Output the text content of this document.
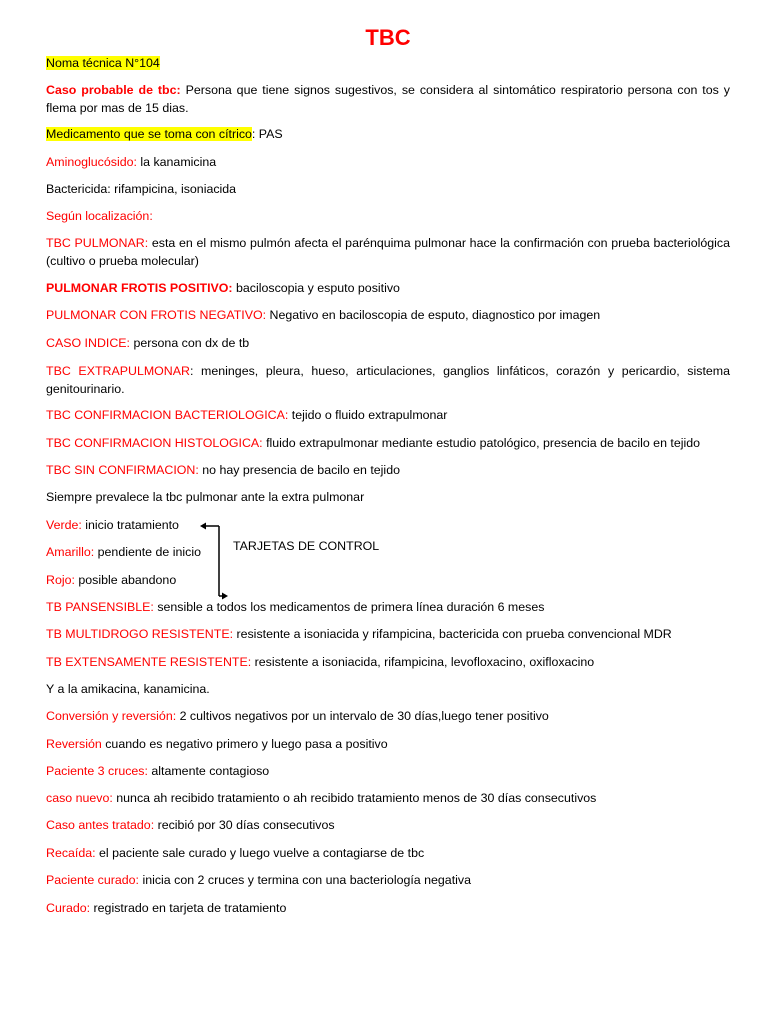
TBC

Noma técnica N°104

Caso probable de tbc: Persona que tiene signos sugestivos, se considera al sintomático respiratorio persona con tos y flema por mas de 15 dias.

Medicamento que se toma con cítrico: PAS

Aminoglucósido: la kanamicina

Bactericida: rifampicina, isoniacida

Según localización:

TBC PULMONAR: esta en el mismo pulmón afecta el parénquima pulmonar hace la confirmación con prueba bacteriológica (cultivo o prueba molecular)

PULMONAR FROTIS POSITIVO: baciloscopia y esputo positivo

PULMONAR CON FROTIS NEGATIVO: Negativo en baciloscopia de esputo, diagnostico por imagen

CASO INDICE: persona con dx de tb

TBC EXTRAPULMONAR: meninges, pleura, hueso, articulaciones, ganglios linfáticos, corazón y pericardio, sistema genitourinario.

TBC CONFIRMACION BACTERIOLOGICA: tejido o fluido extrapulmonar

TBC CONFIRMACION HISTOLOGICA: fluido extrapulmonar mediante estudio patológico, presencia de bacilo en tejido

TBC SIN CONFIRMACION: no hay presencia de bacilo en tejido

Siempre prevalece la tbc pulmonar ante la extra pulmonar

Verde: inicio tratamiento

Amarillo: pendiente de inicio

Rojo: posible abandono

TARJETAS DE CONTROL

TB PANSENSIBLE: sensible a todos los medicamentos de primera línea duración 6 meses

TB MULTIDROGO RESISTENTE: resistente a isoniacida y rifampicina, bactericida con prueba convencional MDR

TB EXTENSAMENTE RESISTENTE: resistente a isoniacida, rifampicina, levofloxacino, oxifloxacino

Y a la amikacina, kanamicina.

Conversión y reversión: 2 cultivos negativos por un intervalo de 30 días,luego tener positivo

Reversión cuando es negativo primero y luego pasa a positivo

Paciente 3 cruces: altamente contagioso

caso nuevo: nunca ah recibido tratamiento o ah recibido tratamiento menos de 30 días consecutivos

Caso antes tratado: recibió por 30 días consecutivos

Recaída: el paciente sale curado y luego vuelve a contagiarse de tbc

Paciente curado: inicia con 2 cruces y termina con una bacteriología negativa

Curado: registrado en tarjeta de tratamiento
